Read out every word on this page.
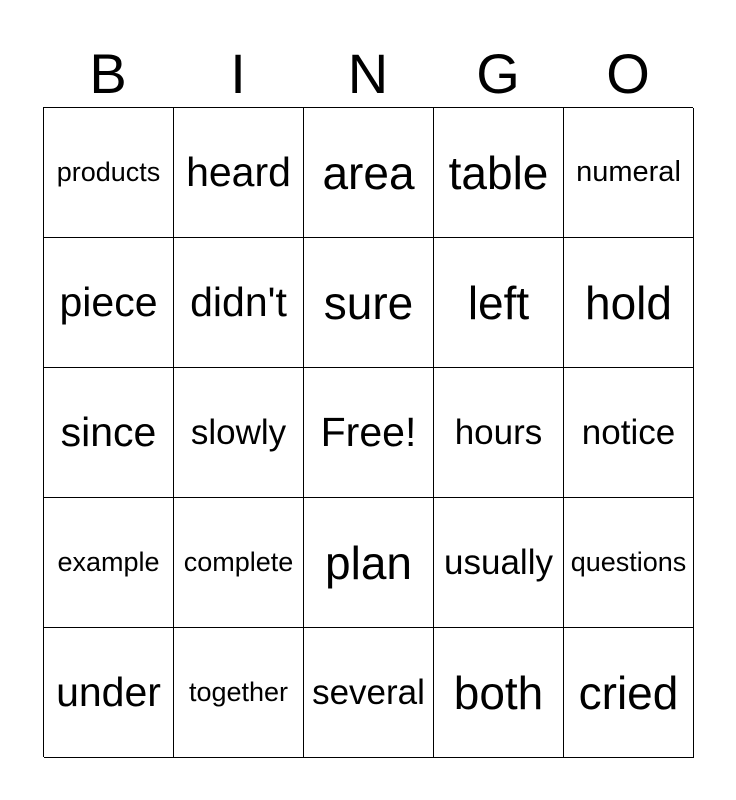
B	I	N	G	O
products heard area table numeral
piece didn't sure left hold
since slowly Free! hours notice
example complete plan usually questions
under together several both cried
